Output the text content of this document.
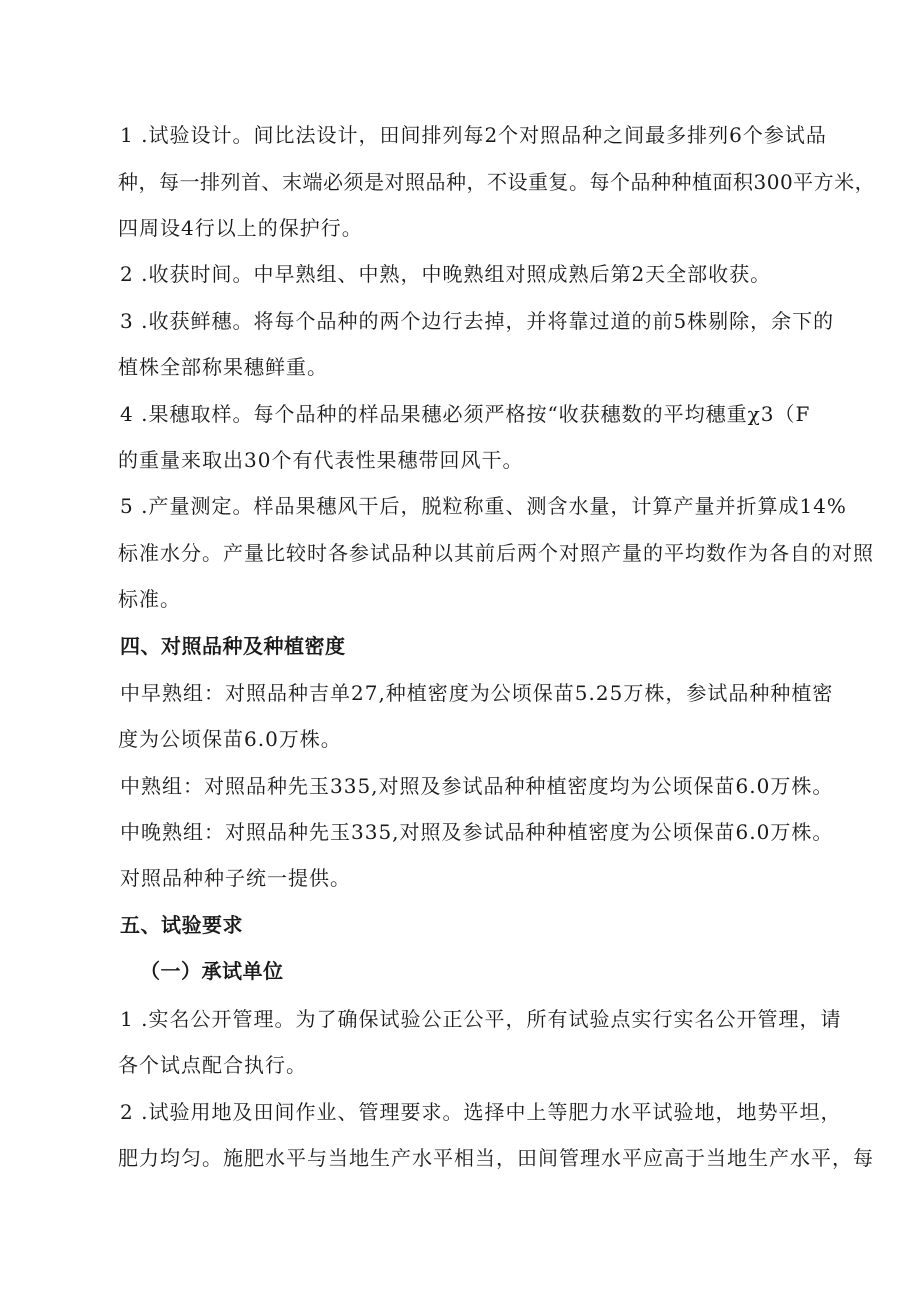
1 .试验设计。间比法设计，田间排列每2个对照品种之间最多排列6个参试品
种，每一排列首、末端必须是对照品种，不设重复。每个品种种植面积300平方米，
四周设4行以上的保护行。
2 .收获时间。中早熟组、中熟，中晚熟组对照成熟后第2天全部收获。
3 .收获鲜穗。将每个品种的两个边行去掉，并将靠过道的前5株剔除，余下的
植株全部称果穗鲜重。
4 .果穗取样。每个品种的样品果穗必须严格按“收获穗数的平均穗重χ3（F
的重量来取出30个有代表性果穗带回风干。
5 .产量测定。样品果穗风干后，脱粒称重、测含水量，计算产量并折算成14%
标准水分。产量比较时各参试品种以其前后两个对照产量的平均数作为各自的对照
标准。
四、对照品种及种植密度
中早熟组：对照品种吉单27,种植密度为公顷保苗5.25万株，参试品种种植密
度为公顷保苗6.0万株。
中熟组：对照品种先玉335,对照及参试品种种植密度均为公顷保苗6.0万株。
中晚熟组：对照品种先玉335,对照及参试品种种植密度为公顷保苗6.0万株。
对照品种种子统一提供。
五、试验要求
（一）承试单位
1 .实名公开管理。为了确保试验公正公平，所有试验点实行实名公开管理，请
各个试点配合执行。
2 .试验用地及田间作业、管理要求。选择中上等肥力水平试验地，地势平坦，
肥力均匀。施肥水平与当地生产水平相当，田间管理水平应高于当地生产水平，每
